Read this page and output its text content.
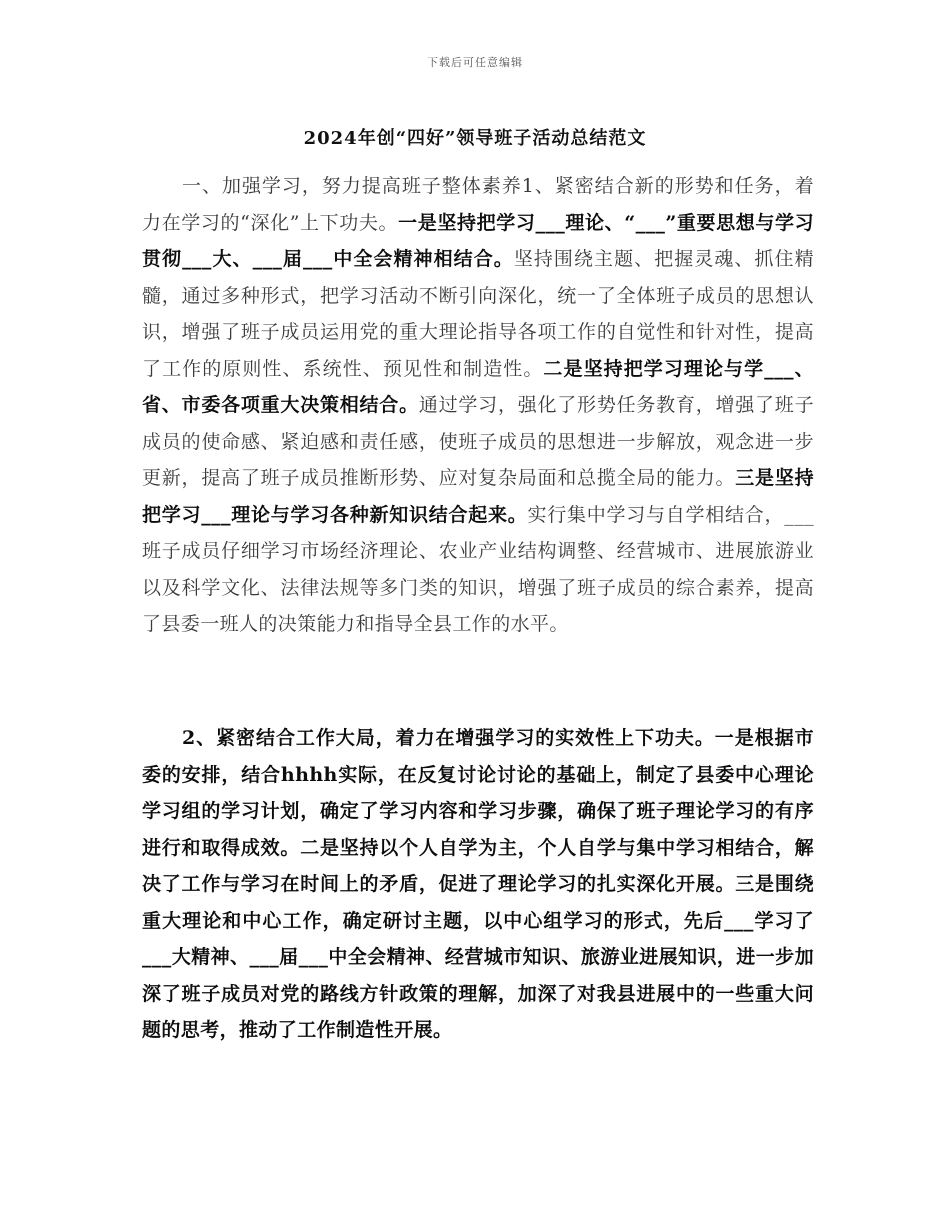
下载后可任意编辑
2024年创“四好”领导班子活动总结范文

一、加强学习，努力提高班子整体素养1、紧密结合新的形势和任务，着力在学习的“深化”上下功夫。一是坚持把学习___理论、“___”重要思想与学习贯彻___大、___届___中全会精神相结合。坚持围绕主题、把握灵魂、抓住精髓，通过多种形式，把学习活动不断引向深化，统一了全体班子成员的思想认识，增强了班子成员运用党的重大理论指导各项工作的自觉性和针对性，提高了工作的原则性、系统性、预见性和制造性。二是坚持把学习理论与学___、省、市委各项重大决策相结合。通过学习，强化了形势任务教育，增强了班子成员的使命感、紧迫感和责任感，使班子成员的思想进一步解放，观念进一步更新，提高了班子成员推断形势、应对复杂局面和总揽全局的能力。三是坚持把学习___理论与学习各种新知识结合起来。实行集中学习与自学相结合，___班子成员仔细学习市场经济理论、农业产业结构调整、经营城市、进展旅游业以及科学文化、法律法规等多门类的知识，增强了班子成员的综合素养，提高了县委一班人的决策能力和指导全县工作的水平。

2、紧密结合工作大局，着力在增强学习的实效性上下功夫。一是根据市委的安排，结合hhhh实际，在反复讨论讨论的基础上，制定了县委中心理论学习组的学习计划，确定了学习内容和学习步骤，确保了班子理论学习的有序进行和取得成效。二是坚持以个人自学为主，个人自学与集中学习相结合，解决了工作与学习在时间上的矛盾，促进了理论学习的扎实深化开展。三是围绕重大理论和中心工作，确定研讨主题，以中心组学习的形式，先后___学习了___大精神、___届___中全会精神、经营城市知识、旅游业进展知识，进一步加深了班子成员对党的路线方针政策的理解，加深了对我县进展中的一些重大问题的思考，推动了工作制造性开展。
